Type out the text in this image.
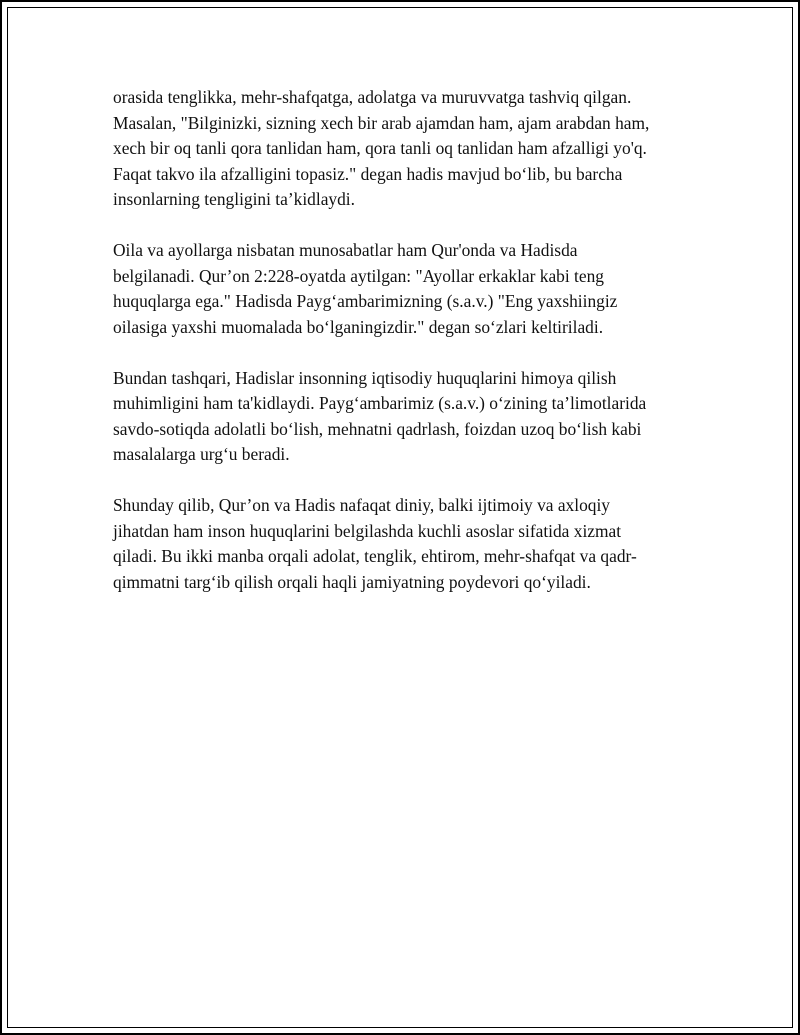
orasida tenglikka, mehr-shafqatga, adolatga va muruvvatga tashviq qilgan.
Masalan, "Bilginizki, sizning xech bir arab ajamdan ham, ajam arabdan ham,
xech bir oq tanli qora tanlidan ham, qora tanli oq tanlidan ham afzalligi yo'q.
Faqat takvo ila afzalligini topasiz." degan hadis mavjud bo‘lib, bu barcha
insonlarning tengligini ta’kidlaydi.

Oila va ayollarga nisbatan munosabatlar ham Qur'onda va Hadisda
belgilanadi. Qur’on 2:228-oyatda aytilgan: "Ayollar erkaklar kabi teng
huquqlarga ega." Hadisda Payg‘ambarimizning (s.a.v.) "Eng yaxshiingiz
oilasiga yaxshi muomalada bo‘lganingizdir." degan so‘zlari keltiriladi.

Bundan tashqari, Hadislar insonning iqtisodiy huquqlarini himoya qilish
muhimligini ham ta'kidlaydi. Payg‘ambarimiz (s.a.v.) o‘zining ta’limotlarida
savdo-sotiqda adolatli bo‘lish, mehnatni qadrlash, foizdan uzoq bo‘lish kabi
masalalarga urg‘u beradi.

Shunday qilib, Qur’on va Hadis nafaqat diniy, balki ijtimoiy va axloqiy
jihatdan ham inson huquqlarini belgilashda kuchli asoslar sifatida xizmat
qiladi. Bu ikki manba orqali adolat, tenglik, ehtirom, mehr-shafqat va qadr-
qimmatni targ‘ib qilish orqali haqli jamiyatning poydevori qo‘yiladi.
